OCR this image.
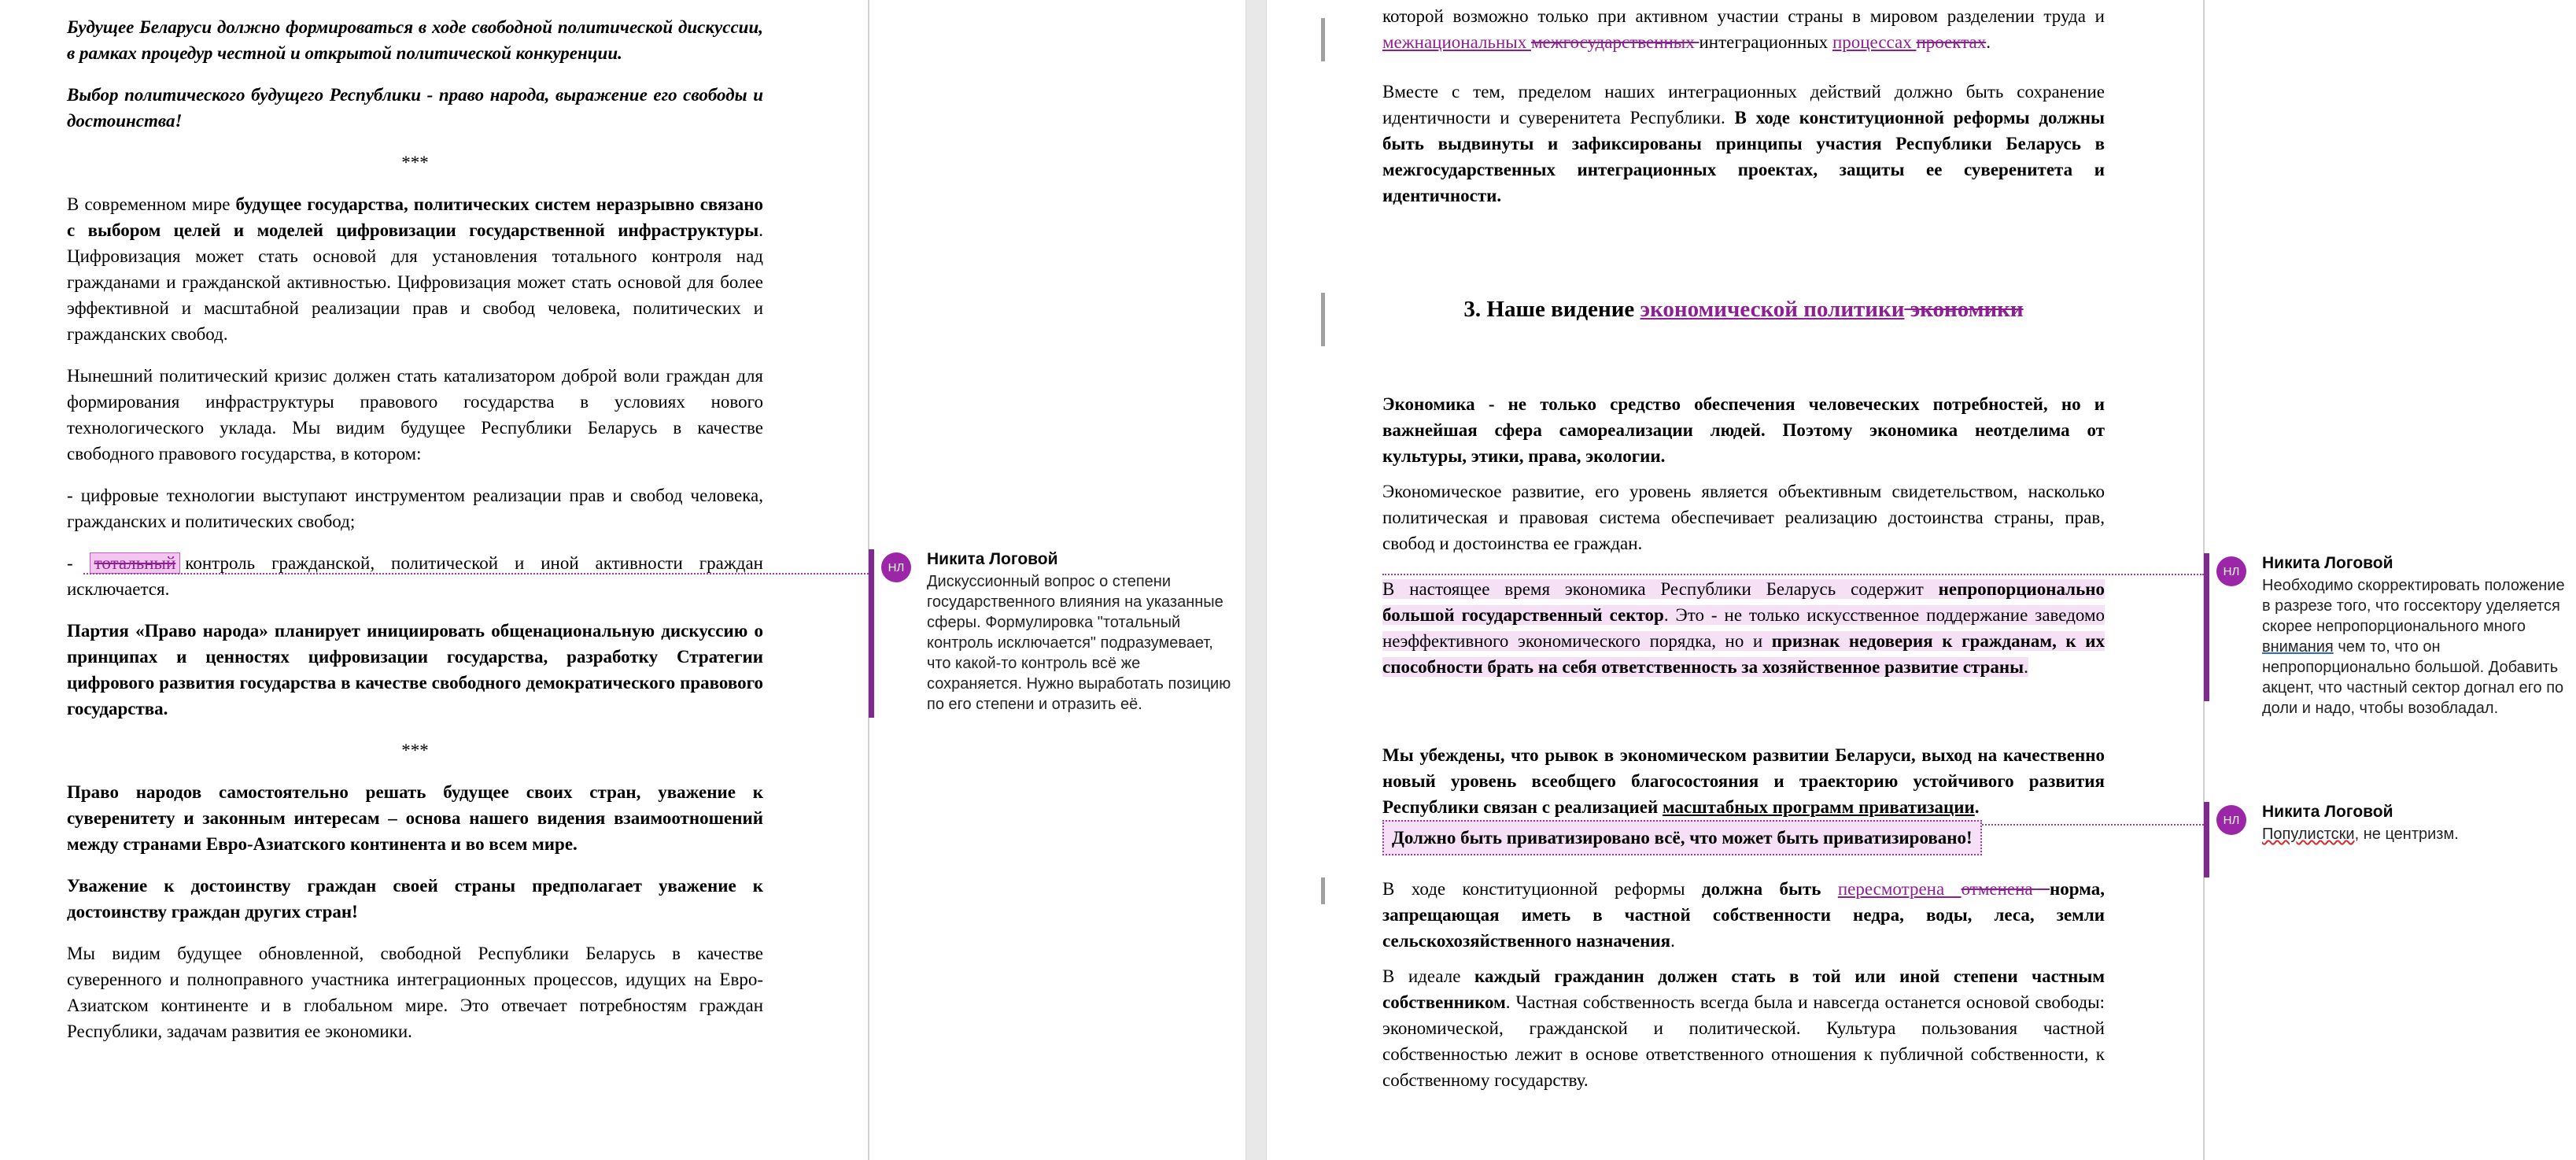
Будущее Беларуси должно формироваться в ходе свободной политической дискуссии, в рамках процедур честной и открытой политической конкуренции.

Выбор политического будущего Республики - право народа, выражение его свободы и достоинства!

***

В современном мире будущее государства, политических систем неразрывно связано с выбором целей и моделей цифровизации государственной инфраструктуры. Цифровизация может стать основой для установления тотального контроля над гражданами и гражданской активностью. Цифровизация может стать основой для более эффективной и масштабной реализации прав и свобод человека, политических и гражданских свобод.

Нынешний политический кризис должен стать катализатором доброй воли граждан для формирования инфраструктуры правового государства в условиях нового технологического уклада. Мы видим будущее Республики Беларусь в качестве свободного правового государства, в котором:

- цифровые технологии выступают инструментом реализации прав и свобод человека, гражданских и политических свобод;

- тотальный контроль гражданской, политической и иной активности граждан исключается.

Партия «Право народа» планирует инициировать общенациональную дискуссию о принципах и ценностях цифровизации государства, разработку Стратегии цифрового развития государства в качестве свободного демократического правового государства.

***

Право народов самостоятельно решать будущее своих стран, уважение к суверенитету и законным интересам – основа нашего видения взаимоотношений между странами Евро-Азиатского континента и во всем мире.

Уважение к достоинству граждан своей страны предполагает уважение к достоинству граждан других стран!

Мы видим будущее обновленной, свободной Республики Беларусь в качестве суверенного и полноправного участника интеграционных процессов, идущих на Евро-Азиатском континенте и в глобальном мире. Это отвечает потребностям граждан Республики, задачам развития ее экономики.

НЛ	Никита Логовой
Дискуссионный вопрос о степени государственного влияния на указанные сферы. Формулировка "тотальный контроль исключается" подразумевает, что какой-то контроль всё же сохраняется. Нужно выработать позицию по его степени и отразить её.

которой возможно только при активном участии страны в мировом разделении труда и межнациональных межгосударственных интеграционных процессах проектах.

Вместе с тем, пределом наших интеграционных действий должно быть сохранение идентичности и суверенитета Республики. В ходе конституционной реформы должны быть выдвинуты и зафиксированы принципы участия Республики Беларусь в межгосударственных интеграционных проектах, защиты ее суверенитета и идентичности.

3. Наше видение экономической политики экономики

Экономика - не только средство обеспечения человеческих потребностей, но и важнейшая сфера самореализации людей. Поэтому экономика неотделима от культуры, этики, права, экологии.

Экономическое развитие, его уровень является объективным свидетельством, насколько политическая и правовая система обеспечивает реализацию достоинства страны, прав, свобод и достоинства ее граждан.

В настоящее время экономика Республики Беларусь содержит непропорционально большой государственный сектор. Это - не только искусственное поддержание заведомо неэффективного экономического порядка, но и признак недоверия к гражданам, к их способности брать на себя ответственность за хозяйственное развитие страны.

Мы убеждены, что рывок в экономическом развитии Беларуси, выход на качественно новый уровень всеобщего благосостояния и траекторию устойчивого развития Республики связан с реализацией масштабных программ приватизации.

Должно быть приватизировано всё, что может быть приватизировано!

В ходе конституционной реформы должна быть пересмотрена отменена норма, запрещающая иметь в частной собственности недра, воды, леса, земли сельскохозяйственного назначения.

В идеале каждый гражданин должен стать в той или иной степени частным собственником. Частная собственность всегда была и навсегда останется основой свободы: экономической, гражданской и политической. Культура пользования частной собственностью лежит в основе ответственного отношения к публичной собственности, к собственному государству.

НЛ	Никита Логовой
Необходимо скорректировать положение в разрезе того, что госсектору уделяется скорее непропорционального много внимания чем то, что он непропорционально большой. Добавить акцент, что частный сектор догнал его по доли и надо, чтобы возобладал.
НЛ	Никита Логовой
Популистски, не центризм.
